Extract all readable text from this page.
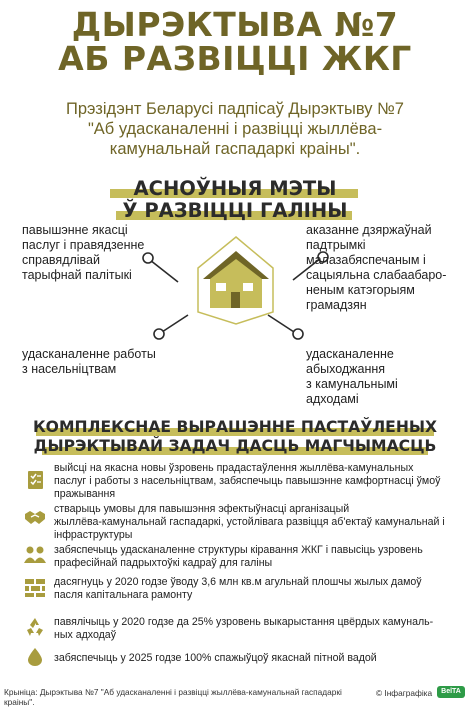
ДЫРЭКТЫВА №7
АБ РАЗВІЦЦІ ЖКГ
Прэзідэнт Беларусі падпісаў Дырэктыву №7
"Аб удасканаленні і развіцці жыллёва-
камунальнай гаспадаркі краіны".
АСНОЎНЫЯ МЭТЫ
Ў РАЗВІЦЦІ ГАЛІНЫ
павышэнне якасці
паслуг і правядзенне
справядлівай
тарыфнай палітыкі
аказанне дзяржаўнай
падтрымкі
малазабяспечаным і
сацыяльна слабаабаро-
неным катэгорыям
грамадзян
удасканаленне работы
з насельніцтвам
удасканаленне
абыходжання
з камунальнымі
адходамі
КОМПЛЕКСНАЕ ВЫРАШЭННЕ ПАСТАЎЛЕНЫХ
ДЫРЭКТЫВАЙ ЗАДАЧ ДАСЦЬ МАГЧЫМАСЦЬ
выйсці на якасна новы ўзровень прадастаўлення жыллёва-камунальных
паслуг і работы з насельніцтвам, забяспечыць павышэнне камфортнасці ўмоў
пражывання
стварыць умовы для павышэння эфектыўнасці арганізацый
жыллёва-камунальнай гаспадаркі, устойлівага развіцця аб'ектаў камунальнай і
інфраструктуры
забяспечыць удасканаленне структуры кіравання ЖКГ і павысіць узровень
прафесійнай падрыхтоўкі кадраў для галіны
дасягнуць у 2020 годзе ўводу 3,6 млн кв.м агульнай плошчы жылых дамоў
пасля капітальнага рамонту
павялічыць у 2020 годзе да 25% узровень выкарыстання цвёрдых камуналь-
ных адходаў
забяспечыць у 2025 годзе 100% спажыўцоў якаснай пітной вадой
Крыніца: Дырэктыва №7 "Аб удасканаленні і развіцці жыллёва-камунальнай гаспадаркі
краіны".
© Інфаграфіка	BelTA
